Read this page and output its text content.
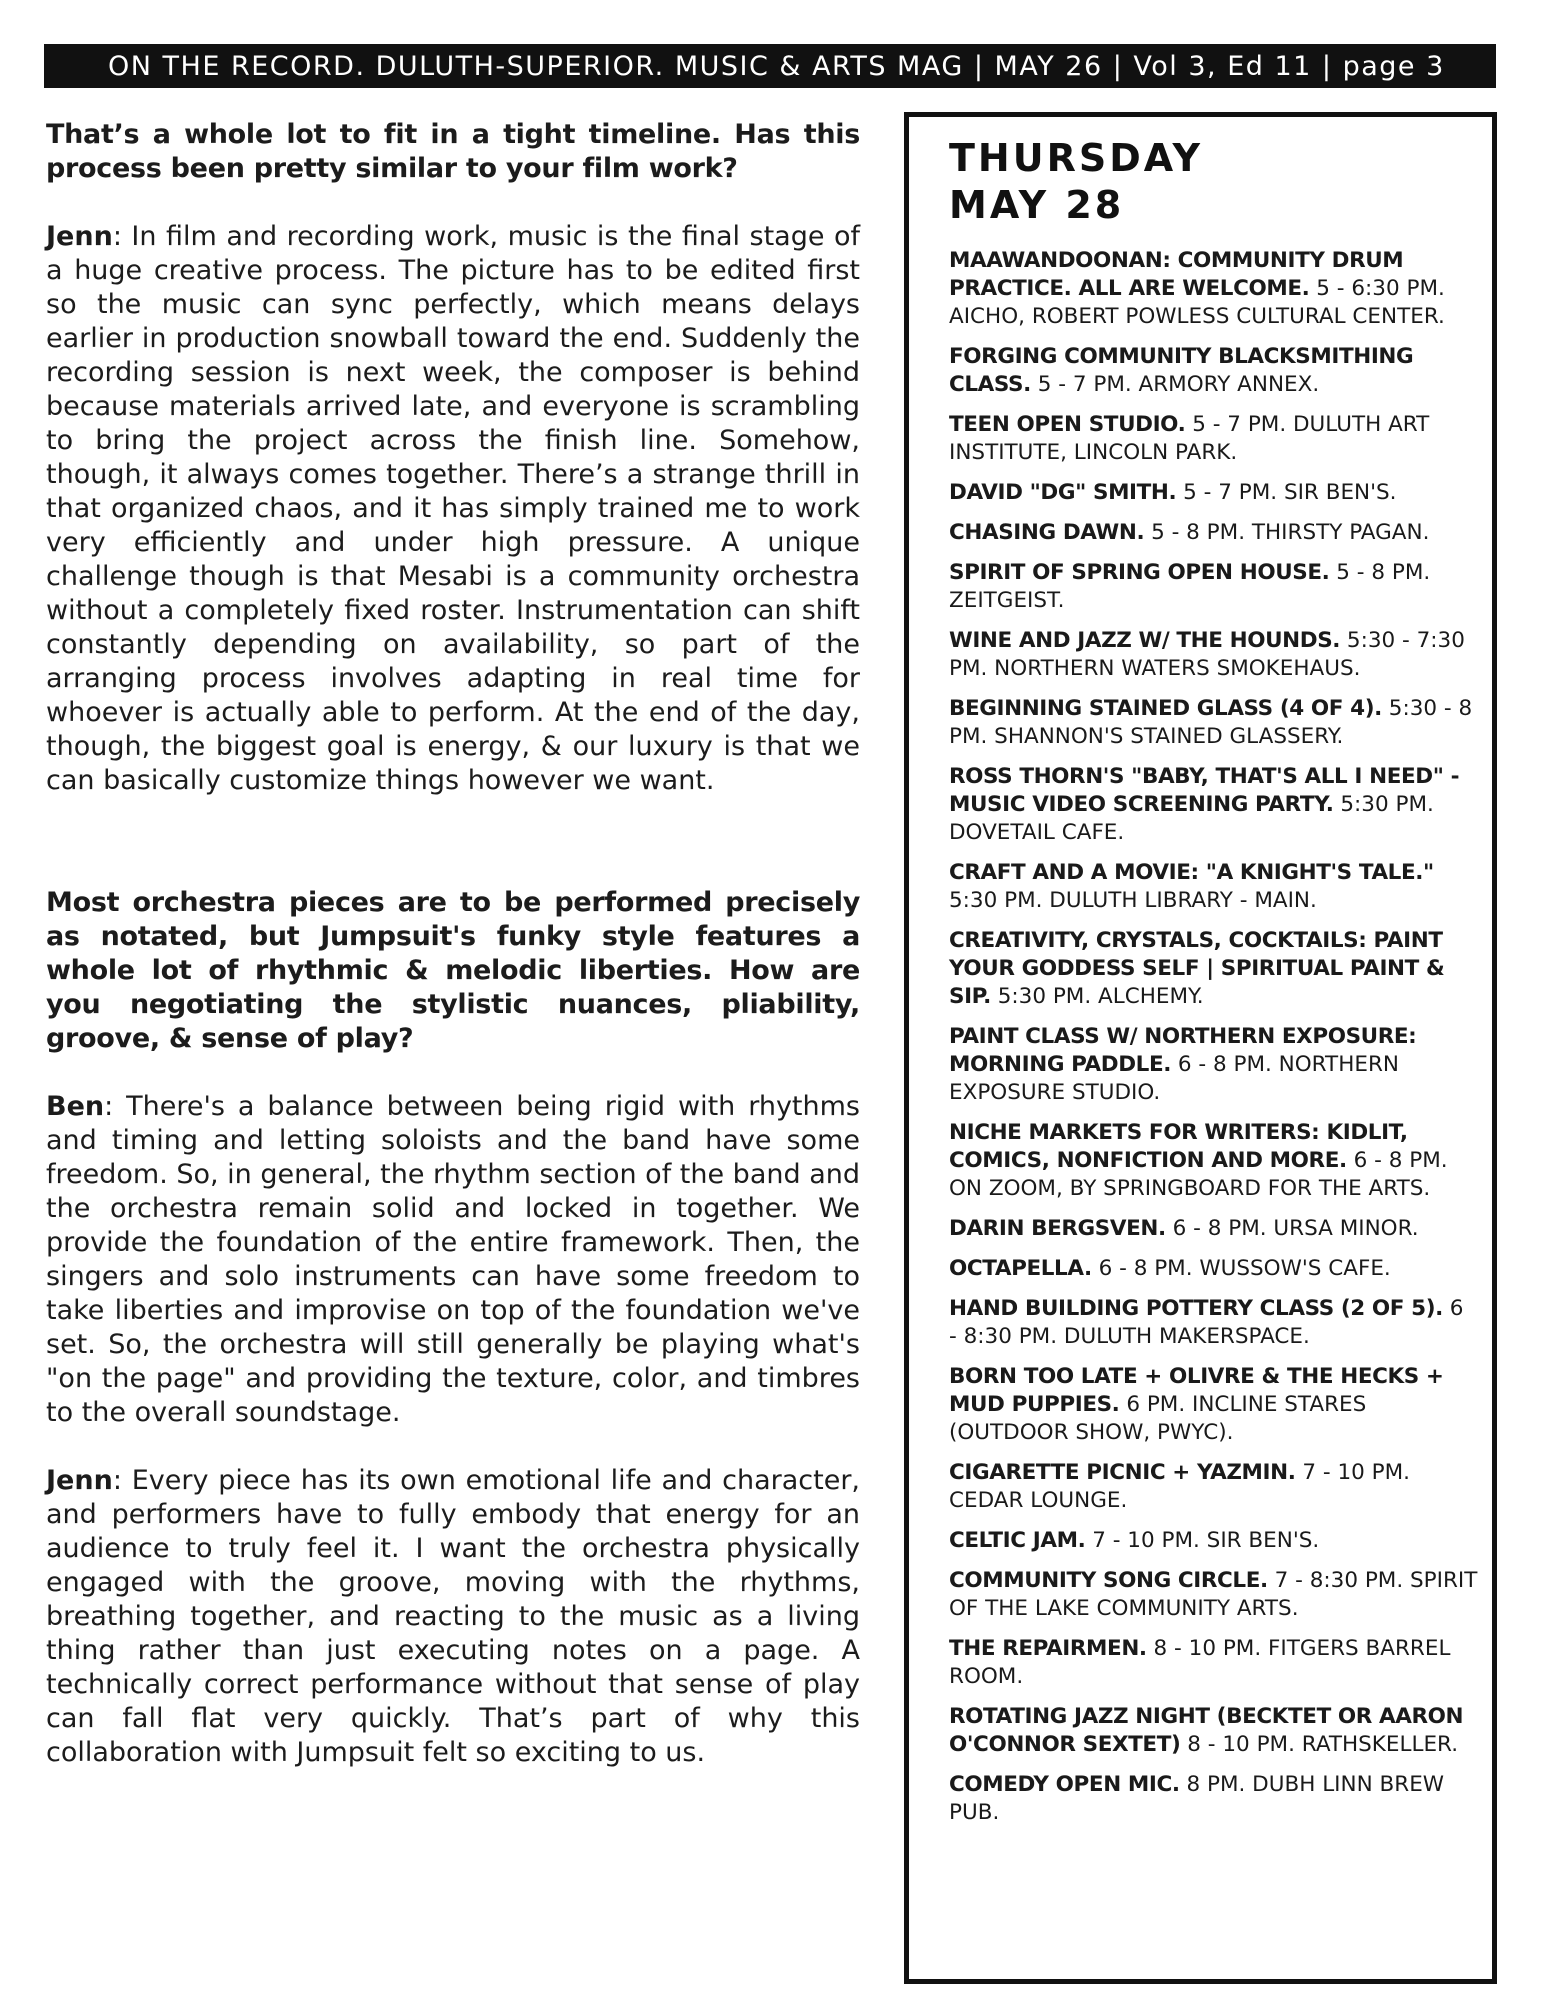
ON THE RECORD. DULUTH-SUPERIOR. MUSIC & ARTS MAG | MAY 26 | Vol 3, Ed 11 | page 3

That’s a whole lot to fit in a tight timeline. Has this process been pretty similar to your film work?

Jenn: In film and recording work, music is the final stage of a huge creative process. The picture has to be edited first so the music can sync perfectly, which means delays earlier in production snowball toward the end. Suddenly the recording session is next week, the composer is behind because materials arrived late, and everyone is scrambling to bring the project across the finish line. Somehow, though, it always comes together. There’s a strange thrill in that organized chaos, and it has simply trained me to work very efficiently and under high pressure. A unique challenge though is that Mesabi is a community orchestra without a completely fixed roster. Instrumentation can shift constantly depending on availability, so part of the arranging process involves adapting in real time for whoever is actually able to perform. At the end of the day, though, the biggest goal is energy, & our luxury is that we can basically customize things however we want.

Most orchestra pieces are to be performed precisely as notated, but Jumpsuit's funky style features a whole lot of rhythmic & melodic liberties. How are you negotiating the stylistic nuances, pliability, groove, & sense of play?

Ben: There's a balance between being rigid with rhythms and timing and letting soloists and the band have some freedom. So, in general, the rhythm section of the band and the orchestra remain solid and locked in together. We provide the foundation of the entire framework. Then, the singers and solo instruments can have some freedom to take liberties and improvise on top of the foundation we've set. So, the orchestra will still generally be playing what's "on the page" and providing the texture, color, and timbres to the overall soundstage.

Jenn: Every piece has its own emotional life and character, and performers have to fully embody that energy for an audience to truly feel it. I want the orchestra physically engaged with the groove, moving with the rhythms, breathing together, and reacting to the music as a living thing rather than just executing notes on a page. A technically correct performance without that sense of play can fall flat very quickly. That’s part of why this collaboration with Jumpsuit felt so exciting to us.

THURSDAY
MAY 28
MAAWANDOONAN: COMMUNITY DRUM PRACTICE. ALL ARE WELCOME. 5 - 6:30 PM. AICHO, ROBERT POWLESS CULTURAL CENTER.
FORGING COMMUNITY BLACKSMITHING CLASS. 5 - 7 PM. ARMORY ANNEX.
TEEN OPEN STUDIO. 5 - 7 PM. DULUTH ART INSTITUTE, LINCOLN PARK.
DAVID "DG" SMITH. 5 - 7 PM. SIR BEN'S.
CHASING DAWN. 5 - 8 PM. THIRSTY PAGAN.
SPIRIT OF SPRING OPEN HOUSE. 5 - 8 PM. ZEITGEIST.
WINE AND JAZZ W/ THE HOUNDS. 5:30 - 7:30 PM. NORTHERN WATERS SMOKEHAUS.
BEGINNING STAINED GLASS (4 OF 4). 5:30 - 8 PM. SHANNON'S STAINED GLASSERY.
ROSS THORN'S "BABY, THAT'S ALL I NEED" - MUSIC VIDEO SCREENING PARTY. 5:30 PM. DOVETAIL CAFE.
CRAFT AND A MOVIE: "A KNIGHT'S TALE." 5:30 PM. DULUTH LIBRARY - MAIN.
CREATIVITY, CRYSTALS, COCKTAILS: PAINT YOUR GODDESS SELF | SPIRITUAL PAINT & SIP. 5:30 PM. ALCHEMY.
PAINT CLASS W/ NORTHERN EXPOSURE: MORNING PADDLE. 6 - 8 PM. NORTHERN EXPOSURE STUDIO.
NICHE MARKETS FOR WRITERS: KIDLIT, COMICS, NONFICTION AND MORE. 6 - 8 PM. ON ZOOM, BY SPRINGBOARD FOR THE ARTS.
DARIN BERGSVEN. 6 - 8 PM. URSA MINOR.
OCTAPELLA. 6 - 8 PM. WUSSOW'S CAFE.
HAND BUILDING POTTERY CLASS (2 OF 5). 6 - 8:30 PM. DULUTH MAKERSPACE.
BORN TOO LATE + OLIVRE & THE HECKS + MUD PUPPIES. 6 PM. INCLINE STARES (OUTDOOR SHOW, PWYC).
CIGARETTE PICNIC + YAZMIN. 7 - 10 PM. CEDAR LOUNGE.
CELTIC JAM. 7 - 10 PM. SIR BEN'S.
COMMUNITY SONG CIRCLE. 7 - 8:30 PM. SPIRIT OF THE LAKE COMMUNITY ARTS.
THE REPAIRMEN. 8 - 10 PM. FITGERS BARREL ROOM.
ROTATING JAZZ NIGHT (BECKTET OR AARON O'CONNOR SEXTET) 8 - 10 PM. RATHSKELLER.
COMEDY OPEN MIC. 8 PM. DUBH LINN BREW PUB.
